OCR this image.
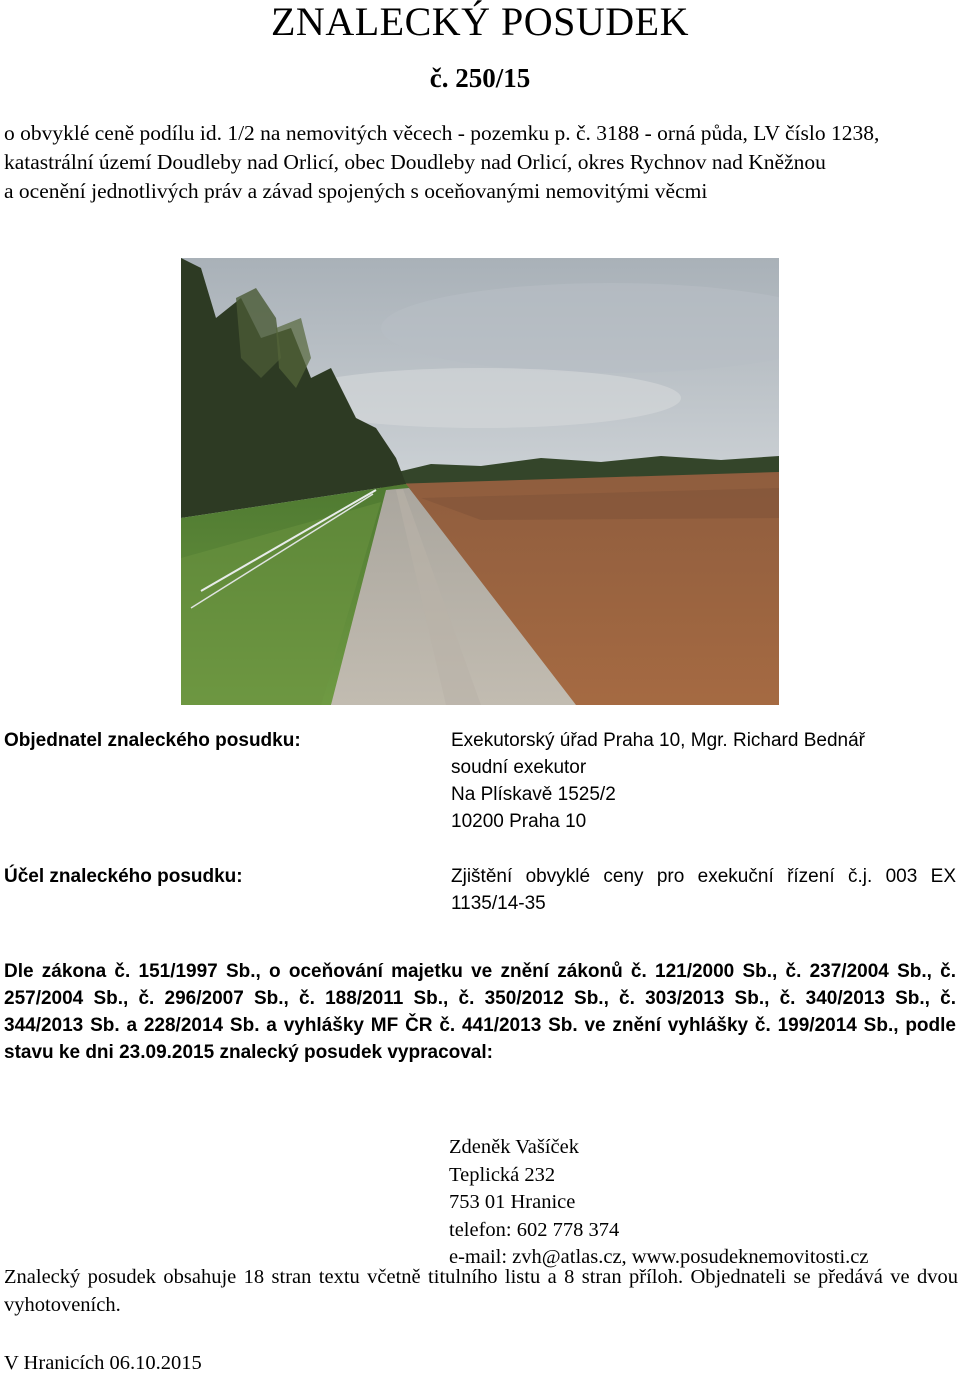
ZNALECKÝ POSUDEK
č. 250/15
o obvyklé ceně podílu id. 1/2 na nemovitých věcech - pozemku p. č. 3188 - orná půda, LV číslo 1238,
katastrální území Doudleby nad Orlicí, obec Doudleby nad Orlicí, okres Rychnov nad Kněžnou
a ocenění jednotlivých práv a závad spojených s oceňovanými nemovitými věcmi
Objednatel znaleckého posudku:	Exekutorský úřad Praha 10, Mgr. Richard Bednář
soudní exekutor
Na Plískavě 1525/2
10200 Praha 10
Účel znaleckého posudku:	Zjištění obvyklé ceny pro exekuční řízení č.j. 003 EX 1135/14-35
Dle zákona č. 151/1997 Sb., o oceňování majetku ve znění zákonů č. 121/2000 Sb., č. 237/2004 Sb., č. 257/2004 Sb., č. 296/2007 Sb., č. 188/2011 Sb., č. 350/2012 Sb., č. 303/2013 Sb., č. 340/2013 Sb., č. 344/2013 Sb. a 228/2014 Sb. a vyhlášky MF ČR č. 441/2013 Sb. ve znění vyhlášky č. 199/2014 Sb., podle stavu ke dni 23.09.2015 znalecký posudek vypracoval:
Zdeněk Vašíček
Teplická 232
753 01 Hranice
telefon: 602 778 374
e-mail: zvh@atlas.cz, www.posudeknemovitosti.cz
Znalecký posudek obsahuje 18 stran textu včetně titulního listu a 8 stran příloh. Objednateli se předává ve dvou vyhotoveních.
V Hranicích 06.10.2015
